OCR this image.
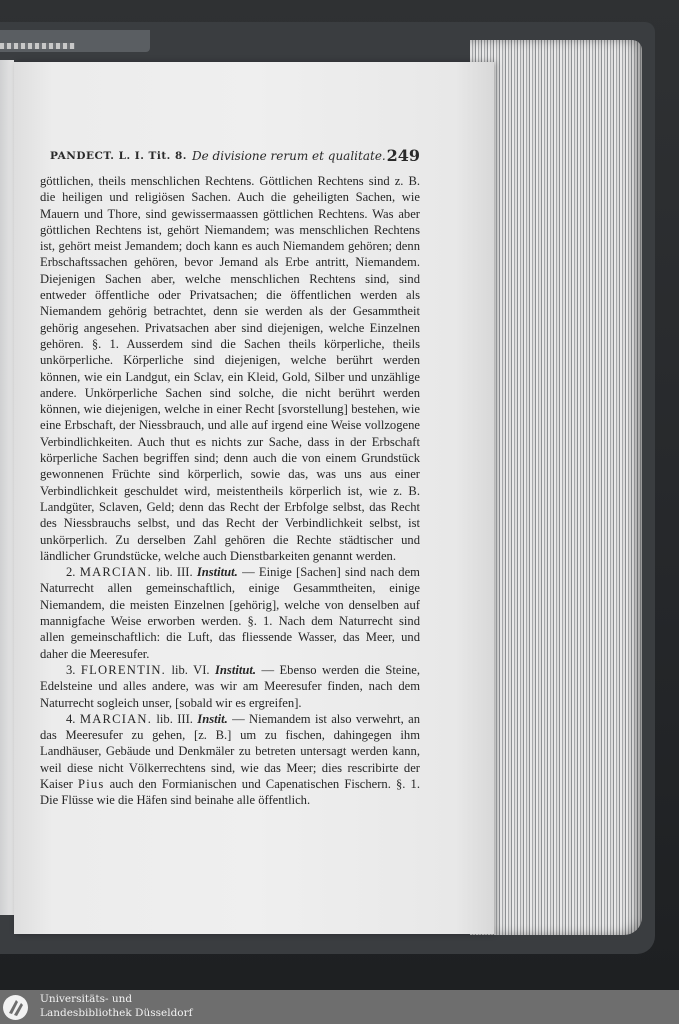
PANDECT. L. I. Tit. 8. De divisione rerum et qualitate. 249

göttlichen, theils menschlichen Rechtens. Göttlichen Rechtens sind z. B. die heiligen und religiösen Sachen. Auch die geheiligten Sachen, wie Mauern und Thore, sind gewissermaassen göttlichen Rechtens. Was aber göttlichen Rechtens ist, gehört Niemandem; was menschlichen Rechtens ist, gehört meist Jemandem; doch kann es auch Niemandem gehören; denn Erbschaftssachen gehören, bevor Jemand als Erbe antritt, Niemandem. Diejenigen Sachen aber, welche menschlichen Rechtens sind, sind entweder öffentliche oder Privatsachen; die öffentlichen werden als Niemandem gehörig betrachtet, denn sie werden als der Gesammtheit gehörig angesehen. Privatsachen aber sind diejenigen, welche Einzelnen gehören. §. 1. Ausserdem sind die Sachen theils körperliche, theils unkörperliche. Körperliche sind diejenigen, welche berührt werden können, wie ein Landgut, ein Sclav, ein Kleid, Gold, Silber und unzählige andere. Unkörperliche Sachen sind solche, die nicht berührt werden können, wie diejenigen, welche in einer Recht [svorstellung] bestehen, wie eine Erbschaft, der Niessbrauch, und alle auf irgend eine Weise vollzogene Verbindlichkeiten. Auch thut es nichts zur Sache, dass in der Erbschaft körperliche Sachen begriffen sind; denn auch die von einem Grundstück gewonnenen Früchte sind körperlich, sowie das, was uns aus einer Verbindlichkeit geschuldet wird, meistentheils körperlich ist, wie z. B. Landgüter, Sclaven, Geld; denn das Recht der Erbfolge selbst, das Recht des Niessbrauchs selbst, und das Recht der Verbindlichkeit selbst, ist unkörperlich. Zu derselben Zahl gehören die Rechte städtischer und ländlicher Grundstücke, welche auch Dienstbarkeiten genannt werden.

2. MARCIAN. lib. III. Institut. — Einige [Sachen] sind nach dem Naturrecht allen gemeinschaftlich, einige Gesammtheiten, einige Niemandem, die meisten Einzelnen [gehörig], welche von denselben auf mannigfache Weise erworben werden. §. 1. Nach dem Naturrecht sind allen gemeinschaftlich: die Luft, das fliessende Wasser, das Meer, und daher die Meeresufer.

3. FLORENTIN. lib. VI. Institut. — Ebenso werden die Steine, Edelsteine und alles andere, was wir am Meeresufer finden, nach dem Naturrecht sogleich unser, [sobald wir es ergreifen].

4. MARCIAN. lib. III. Instit. — Niemandem ist also verwehrt, an das Meeresufer zu gehen, [z. B.] um zu fischen, dahingegen ihm Landhäuser, Gebäude und Denkmäler zu betreten untersagt werden kann, weil diese nicht Völkerrechtens sind, wie das Meer; dies rescribirte der Kaiser Pius auch den Formianischen und Capenatischen Fischern. §. 1. Die Flüsse wie die Häfen sind beinahe alle öffentlich.

Universitäts- und
Landesbibliothek Düsseldorf
